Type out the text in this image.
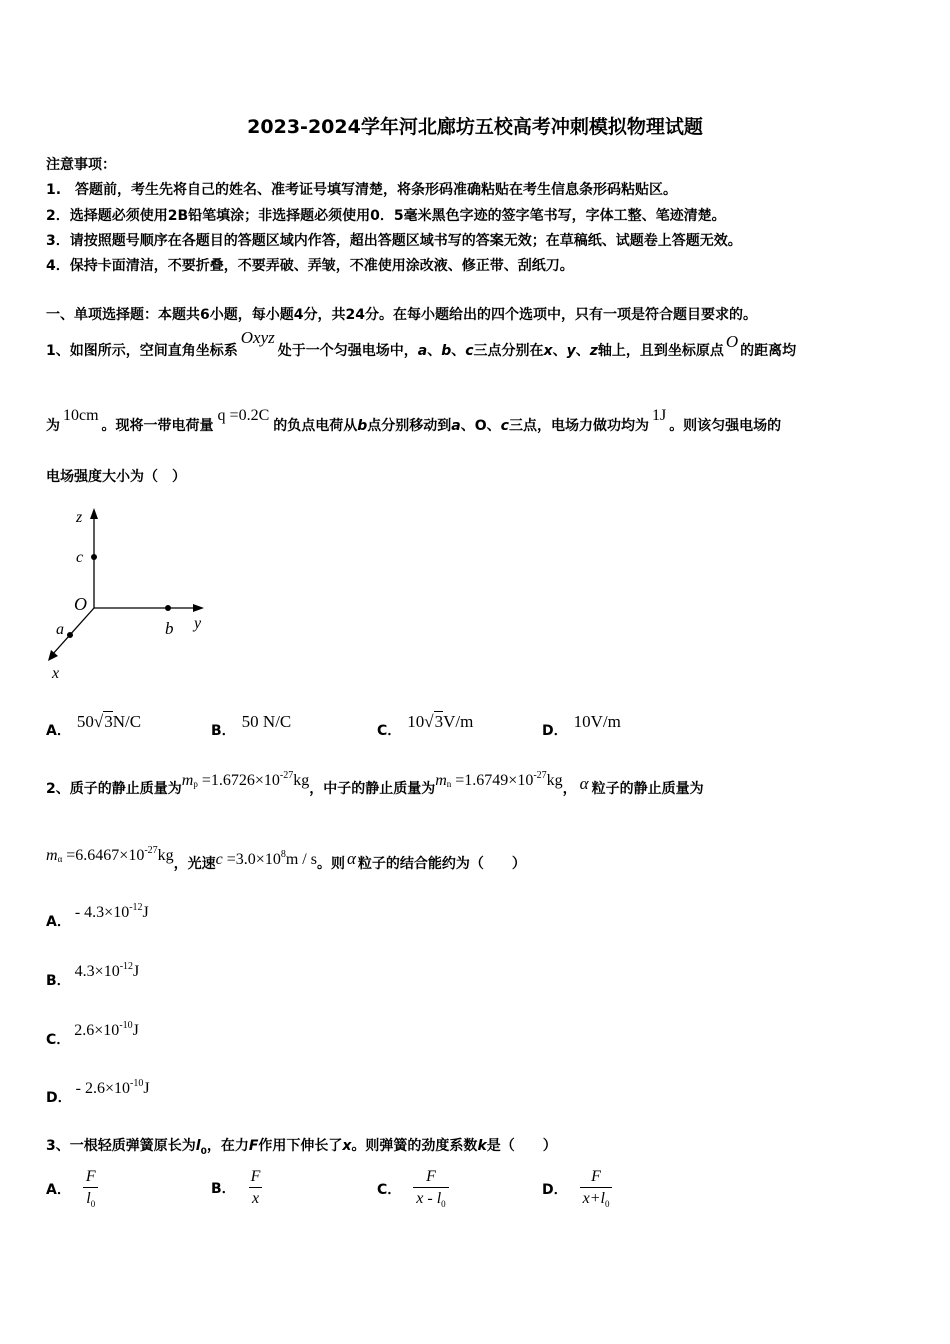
2023-2024学年河北廊坊五校高考冲刺模拟物理试题
注意事项：
1.　答题前，考生先将自己的姓名、准考证号填写清楚，将条形码准确粘贴在考生信息条形码粘贴区。
2．选择题必须使用2B铅笔填涂；非选择题必须使用0．5毫米黑色字迹的签字笔书写，字体工整、笔迹清楚。
3．请按照题号顺序在各题目的答题区域内作答，超出答题区域书写的答案无效；在草稿纸、试题卷上答题无效。
4．保持卡面清洁，不要折叠，不要弄破、弄皱，不准使用涂改液、修正带、刮纸刀。
一、单项选择题：本题共6小题，每小题4分，共24分。在每小题给出的四个选项中，只有一项是符合题目要求的。
1、如图所示，空间直角坐标系Oxyz处于一个匀强电场中，a、b、c三点分别在x、y、z轴上，且到坐标原点 O 的距离均
为10cm。现将一带电荷量q =0.2C的负点电荷从b点分别移动到a、O、c三点，电场力做功均为1J。则该匀强电场的
电场强度大小为（　）
z
c
O
a	b y
x
A． 50√3N/C	B． 50 N/C	C． 10√3V/m	D． 10V/m
2、质子的静止质量为$m_p =1.6726\times 10^{-27}kg$，中子的静止质量为$m_n =1.6749\times 10^{-27}kg$， α 粒子的静止质量为
$m_\alpha =6.6467\times 10^{-27}kg$，光速$c =3.0\times 10^8m / s$。则 α 粒子的结合能约为（　　）
A．- $4.3\times 10^{-12}J$
B．$4.3\times 10^{-12}J$
C．$2.6\times 10^{-10}J$
D．- $2.6\times 10^{-10}J$
3、一根轻质弹簧原长为$l_0$，在力F作用下伸长了x。则弹簧的劲度系数k是（　　）
A． $\frac{F}{l_0}$	B． $\frac{F}{x}$	C． $\frac{F}{x - l_0}$	D． $\frac{F}{x+l_0}$
